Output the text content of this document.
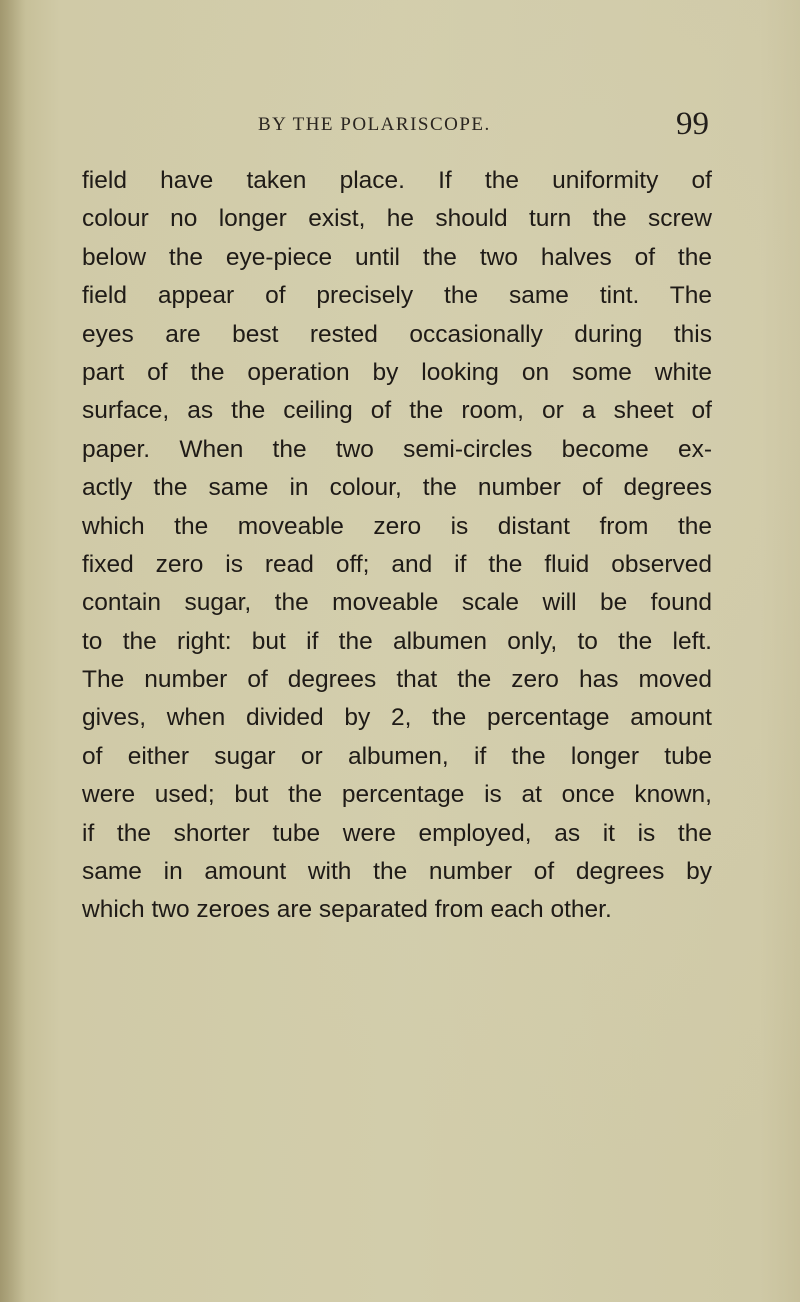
BY THE POLARISCOPE.	99
field have taken place. If the uniformity of
colour no longer exist, he should turn the screw
below the eye-piece until the two halves of the
field appear of precisely the same tint. The
eyes are best rested occasionally during this
part of the operation by looking on some white
surface, as the ceiling of the room, or a sheet of
paper. When the two semi-circles become ex-
actly the same in colour, the number of degrees
which the moveable zero is distant from the
fixed zero is read off; and if the fluid observed
contain sugar, the moveable scale will be found
to the right: but if the albumen only, to the left.
The number of degrees that the zero has moved
gives, when divided by 2, the percentage amount
of either sugar or albumen, if the longer tube
were used; but the percentage is at once known,
if the shorter tube were employed, as it is the
same in amount with the number of degrees by
which two zeroes are separated from each other.
